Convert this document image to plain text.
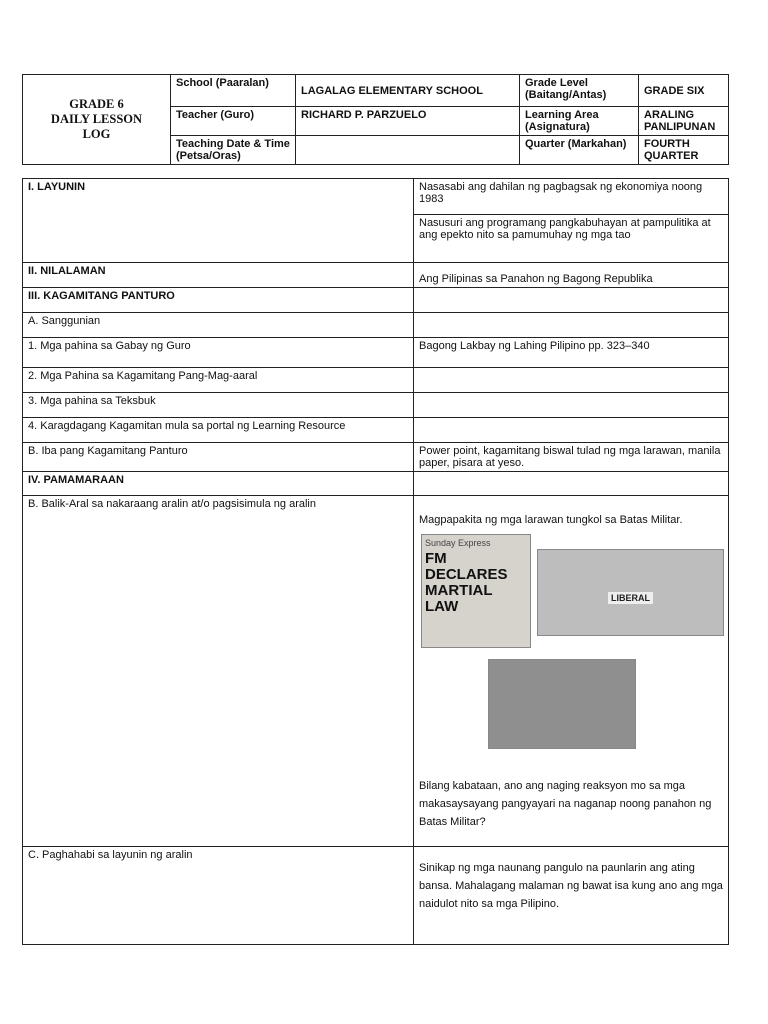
GRADE 6
DAILY LESSON
LOG	School (Paaralan)	LAGALAG ELEMENTARY SCHOOL	Grade Level (Baitang/Antas)	GRADE SIX
	Teacher (Guro)	RICHARD P. PARZUELO	Learning Area (Asignatura)	ARALING PANLIPUNAN
	Teaching Date & Time (Petsa/Oras)		Quarter (Markahan)	FOURTH QUARTER
I. LAYUNIN	Nasasabi ang dahilan ng pagbagsak ng ekonomiya noong 1983
	Nasusuri ang programang pangkabuhayan at pampulitika at ang epekto nito sa pamumuhay ng mga tao
II. NILALAMAN	Ang Pilipinas sa Panahon ng Bagong Republika
III. KAGAMITANG PANTURO	
A. Sanggunian	
1. Mga pahina sa Gabay ng Guro	Bagong Lakbay ng Lahing Pilipino pp. 323–340
2. Mga Pahina sa Kagamitang Pang-Mag-aaral	
3. Mga pahina sa Teksbuk	
4. Karagdagang Kagamitan mula sa portal ng Learning Resource	
B. Iba pang Kagamitang Panturo	Power point, kagamitang biswal tulad ng mga larawan, manila paper, pisara at yeso.
IV. PAMAMARAAN	
B. Balik-Aral sa nakaraang aralin at/o pagsisimula ng aralin	Magpapakita ng mga larawan tungkol sa Batas Militar.
Bilang kabataan, ano ang naging reaksyon mo sa mga makasaysayang pangyayari na naganap noong panahon ng Batas Militar?

C. Paghahabi sa layunin ng aralin	Sinikap ng mga naunang pangulo na paunlarin ang ating bansa. Mahalagang malaman ng bawat isa kung ano ang mga naidulot nito sa mga Pilipino.
Sunday Express
FM DECLARES MARTIAL LAW	LIBERAL
